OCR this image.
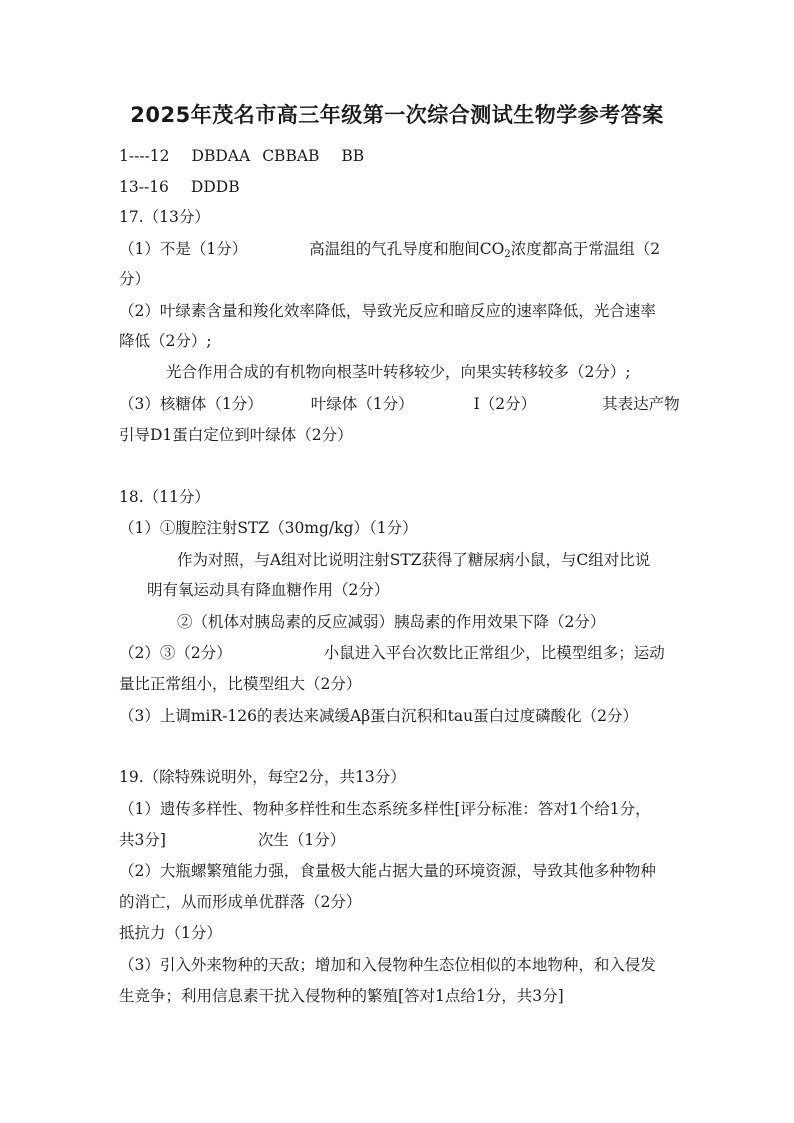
2025年茂名市高三年级第一次综合测试生物学参考答案
1----12 DBDAA CBBAB BB
13--16 DDDB
17.（13分）
（1）不是（1分）	高温组的气孔导度和胞间$CO_2$浓度都高于常温组（2
分）
（2）叶绿素含量和羧化效率降低，导致光反应和暗反应的速率降低，光合速率
降低（2分）;
光合作用合成的有机物向根茎叶转移较少，向果实转移较多（2分）;
（3）核糖体（1分）	叶绿体（1分）	Ⅰ（2分）	其表达产物
引导D1蛋白定位到叶绿体（2分）
18.（11分）
（1）①腹腔注射STZ（30mg/kg）（1分）
作为对照，与A组对比说明注射STZ获得了糖尿病小鼠，与C组对比说
明有氧运动具有降血糖作用（2分）
②（机体对胰岛素的反应减弱）胰岛素的作用效果下降（2分）
（2）③（2分）	小鼠进入平台次数比正常组少，比模型组多；运动
量比正常组小，比模型组大（2分）
（3）上调miR-126的表达来减缓Aβ蛋白沉积和tau蛋白过度磷酸化（2分）
19.（除特殊说明外，每空2分，共13分）
（1）遗传多样性、物种多样性和生态系统多样性[评分标准：答对1个给1分，
共3分]	次生（1分）
（2）大瓶螺繁殖能力强，食量极大能占据大量的环境资源，导致其他多种物种
的消亡，从而形成单优群落（2分）
抵抗力（1分）
（3）引入外来物种的天敌；增加和入侵物种生态位相似的本地物种，和入侵发
生竞争；利用信息素干扰入侵物种的繁殖[答对1点给1分，共3分]
